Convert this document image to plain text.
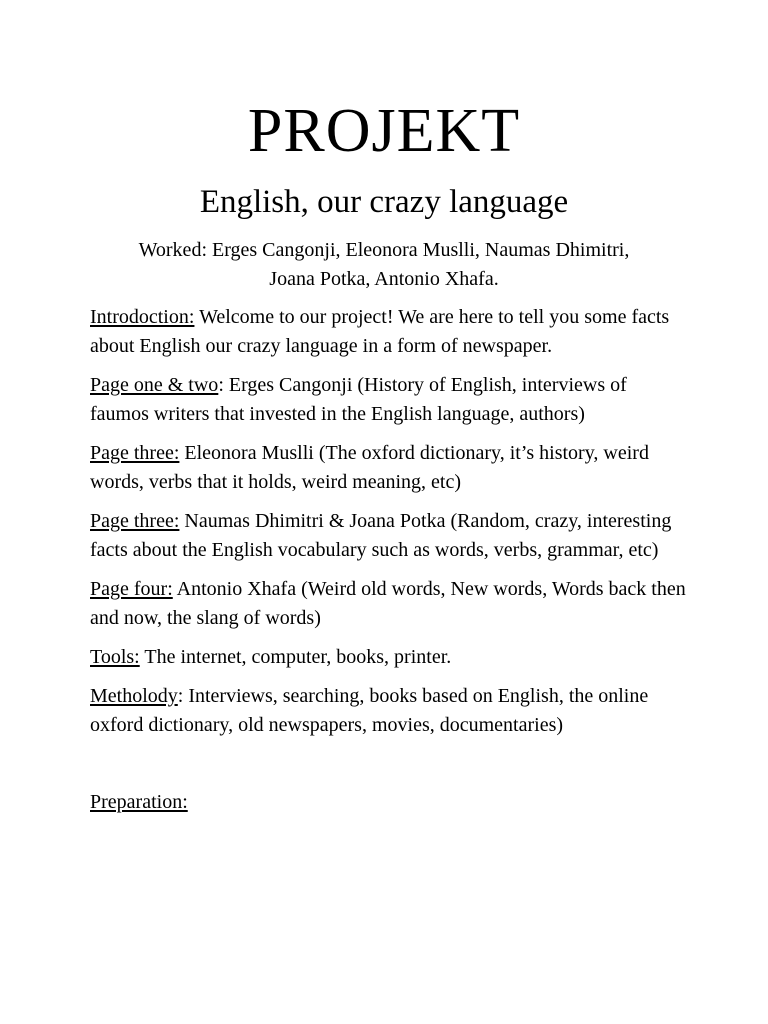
PROJEKT
English, our crazy language
Worked: Erges Cangonji, Eleonora Muslli, Naumas Dhimitri,
Joana Potka, Antonio Xhafa.

Introdoction: Welcome to our project! We are here to tell you some facts about English our crazy language in a form of newspaper.

Page one & two: Erges Cangonji (History of English, interviews of faumos writers that invested in the English language, authors)

Page three: Eleonora Muslli (The oxford dictionary, it’s history, weird words, verbs that it holds, weird meaning, etc)

Page three: Naumas Dhimitri & Joana Potka (Random, crazy, interesting facts about the English vocabulary such as words, verbs, grammar, etc)

Page four: Antonio Xhafa (Weird old words, New words, Words back then and now, the slang of words)

Tools: The internet, computer, books, printer.

Metholody: Interviews, searching, books based on English, the online oxford dictionary, old newspapers, movies, documentaries)

Preparation:
